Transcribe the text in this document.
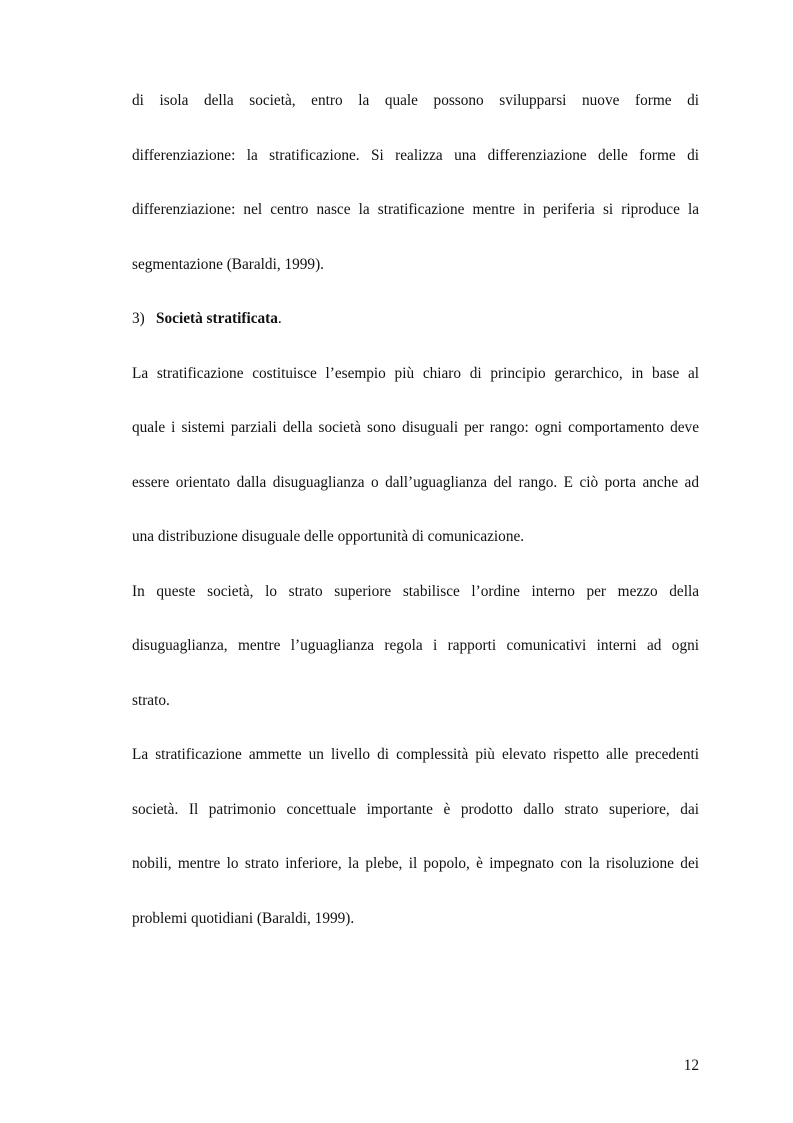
di isola della società, entro la quale possono svilupparsi nuove forme di
differenziazione: la stratificazione. Si realizza una differenziazione delle forme di
differenziazione: nel centro nasce la stratificazione mentre in periferia si riproduce la
segmentazione (Baraldi, 1999).
3) Società stratificata.
La stratificazione costituisce l’esempio più chiaro di principio gerarchico, in base al
quale i sistemi parziali della società sono disuguali per rango: ogni comportamento deve
essere orientato dalla disuguaglianza o dall’uguaglianza del rango. E ciò porta anche ad
una distribuzione disuguale delle opportunità di comunicazione.
In queste società, lo strato superiore stabilisce l’ordine interno per mezzo della
disuguaglianza, mentre l’uguaglianza regola i rapporti comunicativi interni ad ogni
strato.
La stratificazione ammette un livello di complessità più elevato rispetto alle precedenti
società. Il patrimonio concettuale importante è prodotto dallo strato superiore, dai
nobili, mentre lo strato inferiore, la plebe, il popolo, è impegnato con la risoluzione dei
problemi quotidiani (Baraldi, 1999).
12
